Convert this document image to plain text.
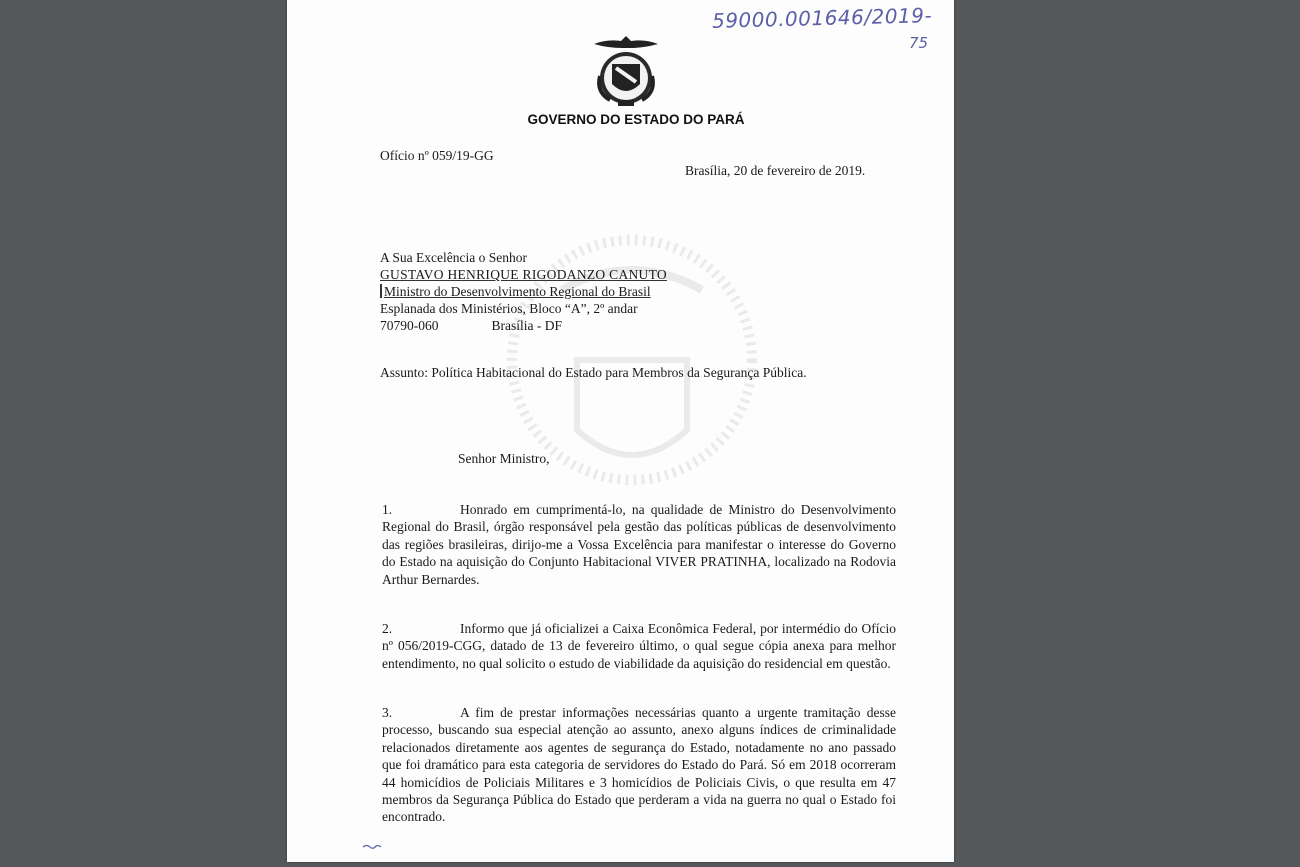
59000.001646/2019-
75
GOVERNO DO ESTADO DO PARÁ
Ofício nº 059/19-GG
Brasília, 20 de fevereiro de 2019.
A Sua Excelência o Senhor
GUSTAVO HENRIQUE RIGODANZO CANUTO
Ministro do Desenvolvimento Regional do Brasil
Esplanada dos Ministérios, Bloco “A”, 2º andar
70790-060	Brasília - DF
Assunto: Política Habitacional do Estado para Membros da Segurança Pública.
Senhor Ministro,
1.	Honrado em cumprimentá-lo, na qualidade de Ministro do Desenvolvimento Regional do Brasil, órgão responsável pela gestão das políticas públicas de desenvolvimento das regiões brasileiras, dirijo-me a Vossa Excelência para manifestar o interesse do Governo do Estado na aquisição do Conjunto Habitacional VIVER PRATINHA, localizado na Rodovia Arthur Bernardes.
2.	Informo que já oficializei a Caixa Econômica Federal, por intermédio do Ofício nº 056/2019-CGG, datado de 13 de fevereiro último, o qual segue cópia anexa para melhor entendimento, no qual solicito o estudo de viabilidade da aquisição do residencial em questão.
3.	A fim de prestar informações necessárias quanto a urgente tramitação desse processo, buscando sua especial atenção ao assunto, anexo alguns índices de criminalidade relacionados diretamente aos agentes de segurança do Estado, notadamente no ano passado que foi dramático para esta categoria de servidores do Estado do Pará. Só em 2018 ocorreram 44 homicídios de Policiais Militares e 3 homicídios de Policiais Civis, o que resulta em 47 membros da Segurança Pública do Estado que perderam a vida na guerra no qual o Estado foi encontrado.
